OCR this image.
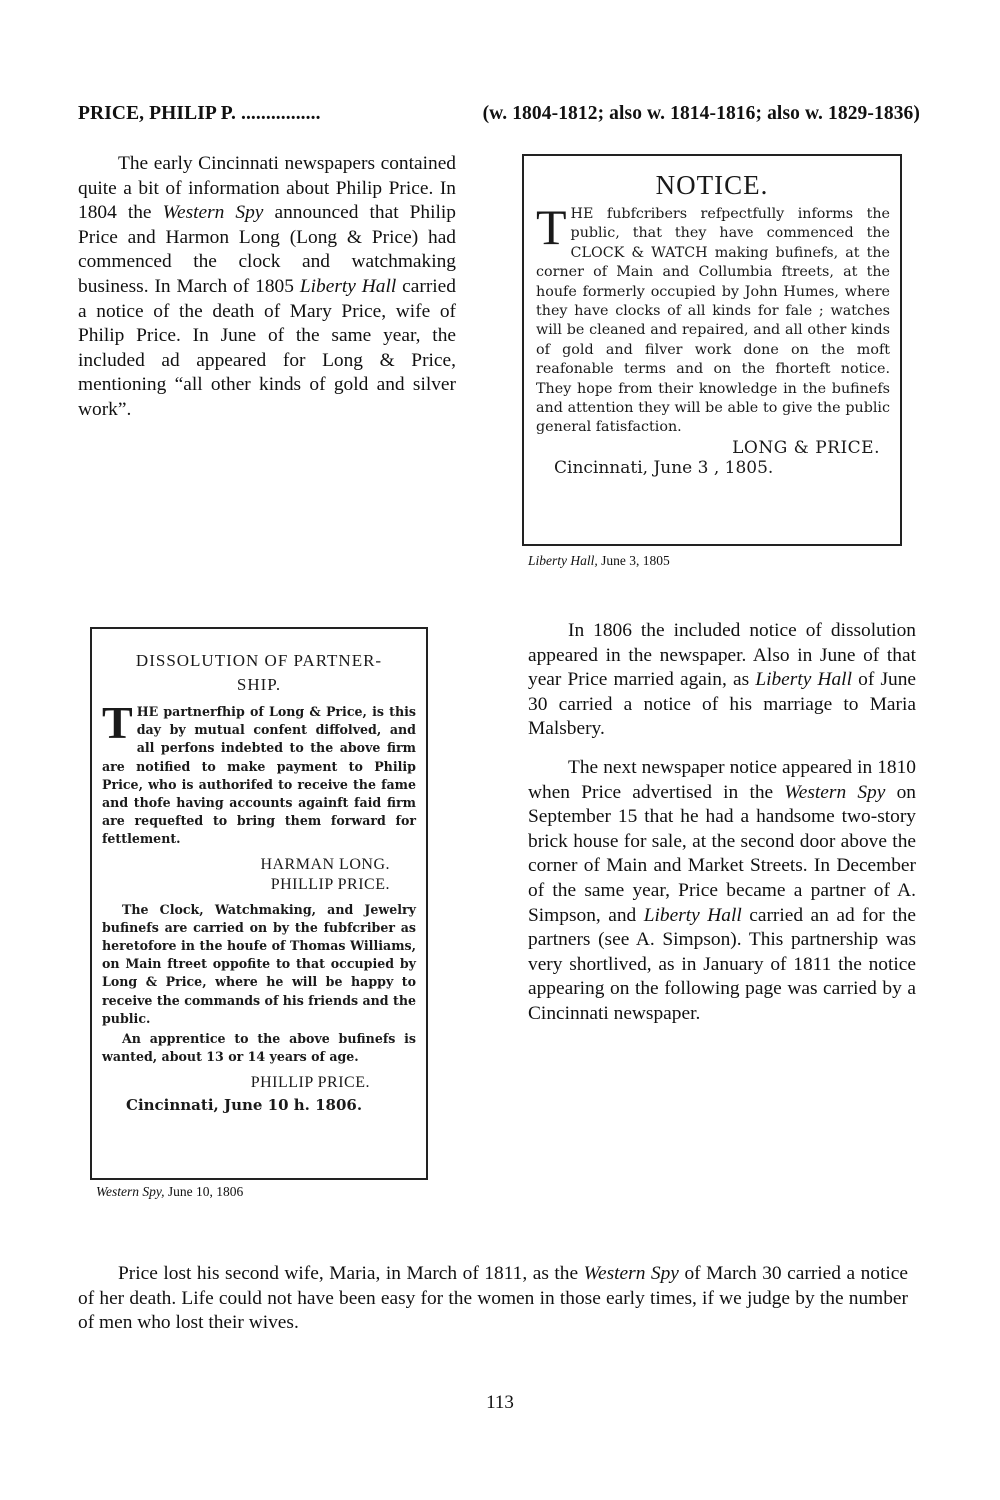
PRICE, PHILIP P. ................	(w. 1804-1812; also w. 1814-1816; also w. 1829-1836)

The early Cincinnati newspapers contained quite a bit of information about Philip Price. In 1804 the Western Spy announced that Philip Price and Harmon Long (Long & Price) had commenced the clock and watchmaking business. In March of 1805 Liberty Hall carried a notice of the death of Mary Price, wife of Philip Price. In June of the same year, the included ad appeared for Long & Price, mentioning “all other kinds of gold and silver work”.

NOTICE.
THE fubfcribers refpectfully informs the public, that they have commenced the CLOCK & WATCH making bufinefs, at the corner of Main and Collumbia ftreets, at the houfe formerly occupied by John Humes, where they have clocks of all kinds for fale ; watches will be cleaned and repaired, and all other kinds of gold and filver work done on the moft reafonable terms and on the fhorteft notice. They hope from their knowledge in the bufinefs and attention they will be able to give the public general fatisfaction.
LONG & PRICE.
Cincinnati, June 3 , 1805.
Liberty Hall, June 3, 1805
DISSOLUTION OF PARTNER-
SHIP.
THE partnerfhip of Long & Price, is this day by mutual confent diffolved, and all perfons indebted to the above firm are notified to make payment to Philip Price, who is authorifed to receive the fame and thofe having accounts againft faid firm are requefted to bring them forward for fettlement.
HARMAN LONG.
PHILLIP PRICE.
The Clock, Watchmaking, and Jewelry bufinefs are carried on by the fubfcriber as heretofore in the houfe of Thomas Williams, on Main ftreet oppofite to that occupied by Long & Price, where he will be happy to receive the commands of his friends and the public.
An apprentice to the above bufinefs is wanted, about 13 or 14 years of age.
PHILLIP PRICE.
Cincinnati, June 10 h. 1806.
Western Spy, June 10, 1806

In 1806 the included notice of dissolution appeared in the newspaper. Also in June of that year Price married again, as Liberty Hall of June 30 carried a notice of his marriage to Maria Malsbery.

The next newspaper notice appeared in 1810 when Price advertised in the Western Spy on September 15 that he had a handsome two-story brick house for sale, at the second door above the corner of Main and Market Streets. In December of the same year, Price became a partner of A. Simpson, and Liberty Hall carried an ad for the partners (see A. Simpson). This partnership was very shortlived, as in January of 1811 the notice appearing on the following page was carried by a Cincinnati newspaper.

Price lost his second wife, Maria, in March of 1811, as the Western Spy of March 30 carried a notice of her death. Life could not have been easy for the women in those early times, if we judge by the number of men who lost their wives.

113
